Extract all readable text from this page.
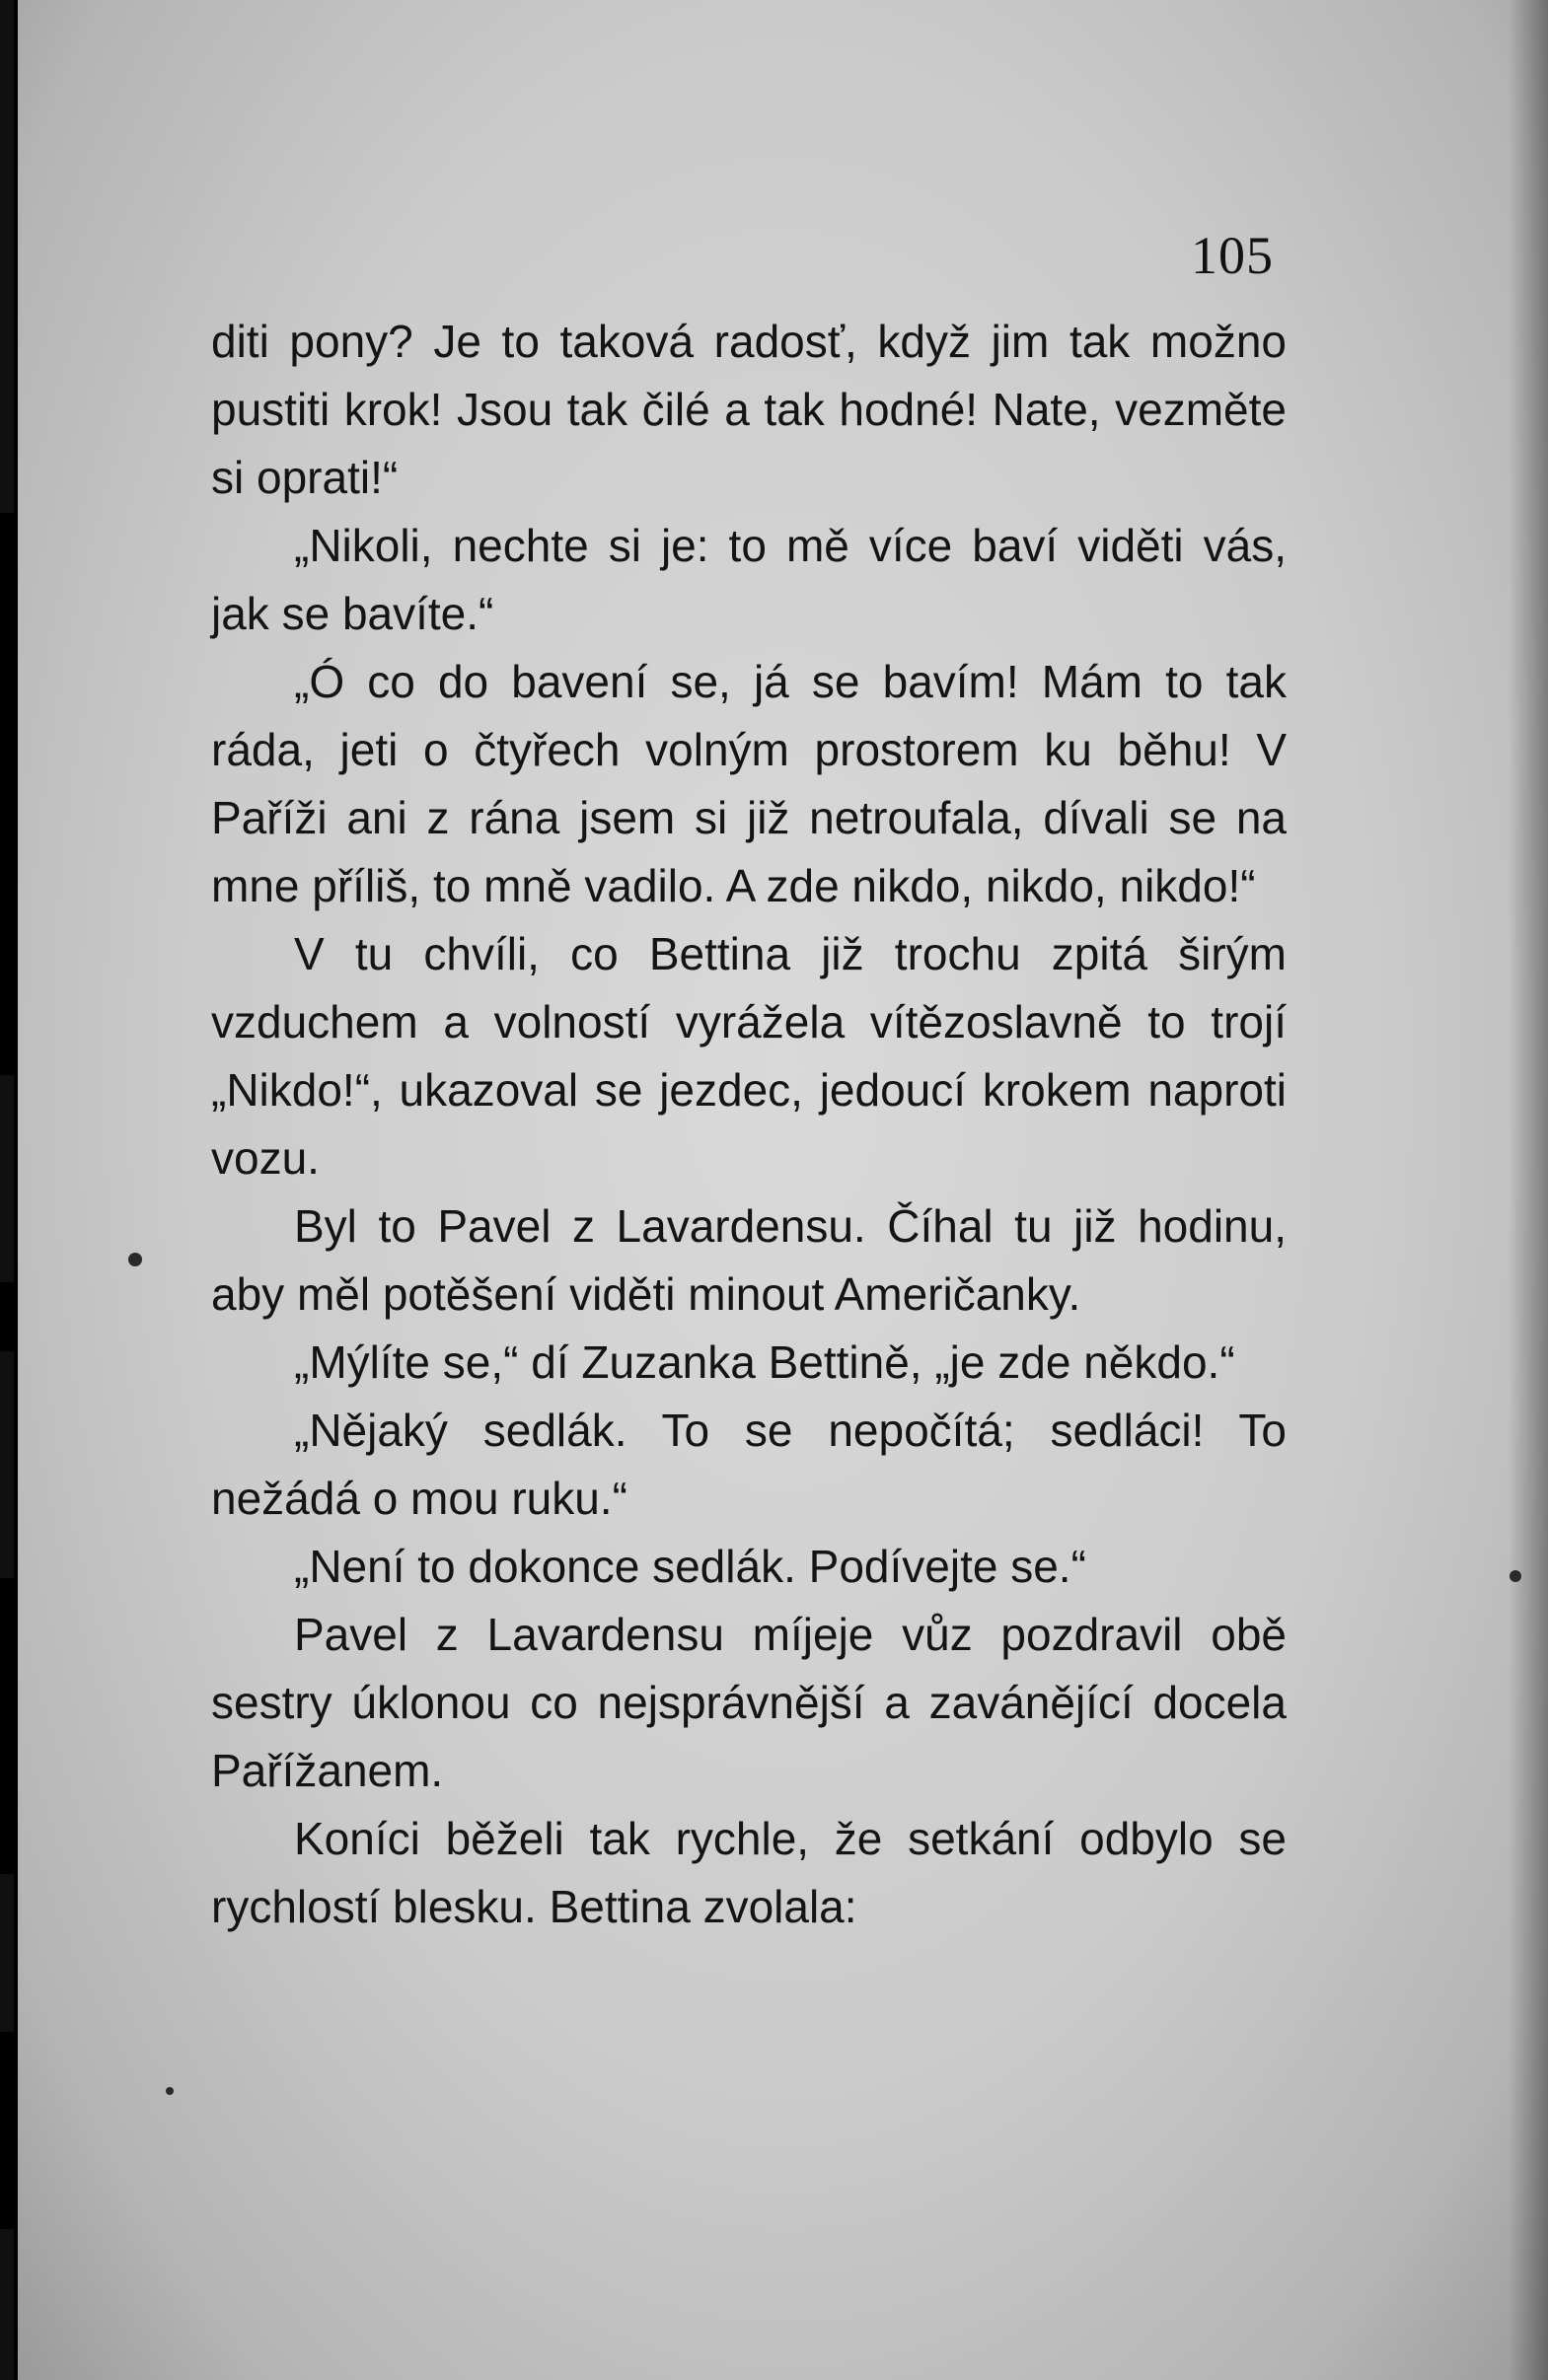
105

diti pony? Je to taková radosť, když jim tak možno pustiti krok! Jsou tak čilé a tak hodné! Nate, vezměte si oprati!“

„Nikoli, nechte si je: to mě více baví viděti vás, jak se bavíte.“

„Ó co do bavení se, já se bavím! Mám to tak ráda, jeti o čtyřech volným prostorem ku běhu! V Paříži ani z rána jsem si již netroufala, dívali se na mne příliš, to mně vadilo. A zde nikdo, nikdo, nikdo!“

V tu chvíli, co Bettina již trochu zpitá širým vzduchem a volností vyrážela vítězoslavně to trojí „Nikdo!“, ukazoval se jezdec, jedoucí krokem naproti vozu.

Byl to Pavel z Lavardensu. Číhal tu již hodinu, aby měl potěšení viděti minout Američanky.

„Mýlíte se,“ dí Zuzanka Bettině, „je zde někdo.“

„Nějaký sedlák. To se nepočítá; sedláci! To nežádá o mou ruku.“

„Není to dokonce sedlák. Podívejte se.“

Pavel z Lavardensu míjeje vůz pozdravil obě sestry úklonou co nejsprávnější a zavánějící docela Pařížanem.

Koníci běželi tak rychle, že setkání odbylo se rychlostí blesku. Bettina zvolala:
